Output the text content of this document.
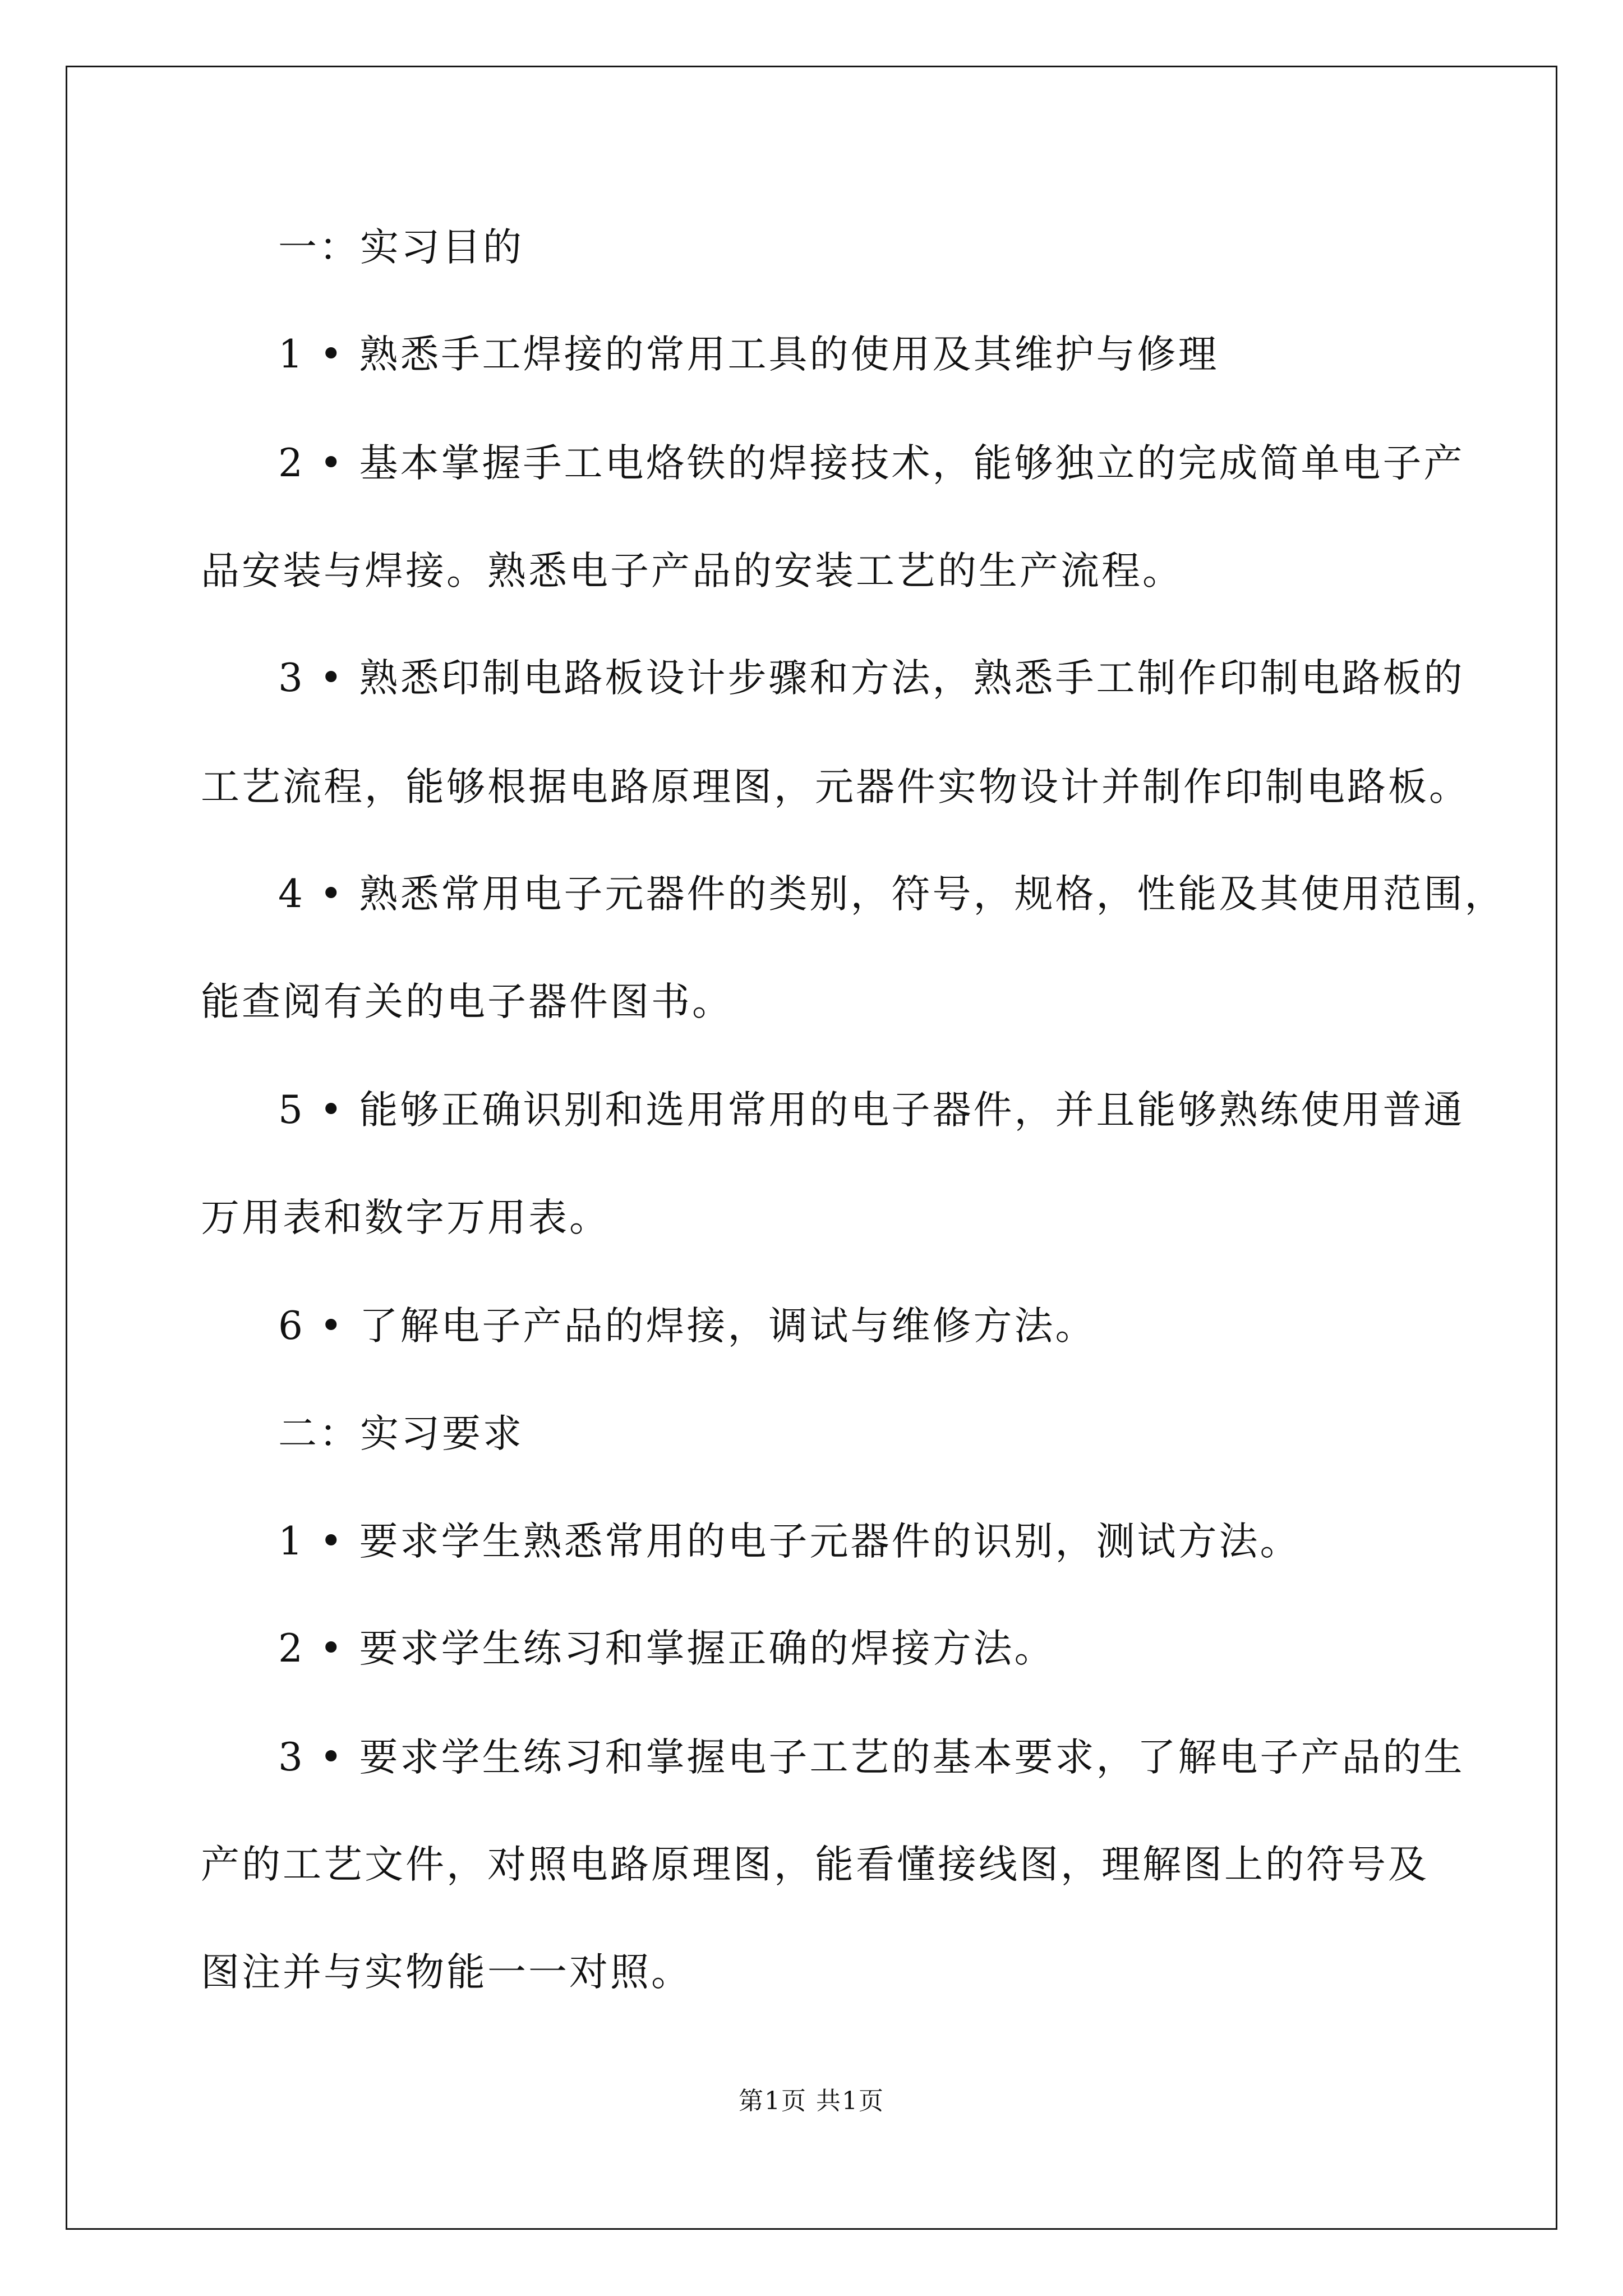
一：实习目的
1 • 熟悉手工焊接的常用工具的使用及其维护与修理
2 • 基本掌握手工电烙铁的焊接技术，能够独立的完成简单电子产
品安装与焊接。熟悉电子产品的安装工艺的生产流程。
3 • 熟悉印制电路板设计步骤和方法，熟悉手工制作印制电路板的
工艺流程，能够根据电路原理图，元器件实物设计并制作印制电路板。
4 • 熟悉常用电子元器件的类别，符号，规格，性能及其使用范围，
能查阅有关的电子器件图书。
5 • 能够正确识别和选用常用的电子器件，并且能够熟练使用普通
万用表和数字万用表。
6 • 了解电子产品的焊接，调试与维修方法。
二：实习要求
1 • 要求学生熟悉常用的电子元器件的识别，测试方法。
2 • 要求学生练习和掌握正确的焊接方法。
3 • 要求学生练习和掌握电子工艺的基本要求，了解电子产品的生
产的工艺文件，对照电路原理图，能看懂接线图，理解图上的符号及
图注并与实物能一一对照。
第1页 共1页
